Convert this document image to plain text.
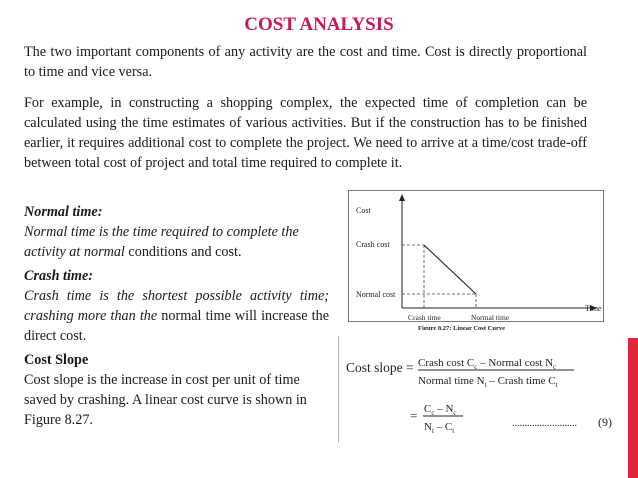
COST ANALYSIS

The two important components of any activity are the cost and time. Cost is directly proportional to time and vice versa.

For example, in constructing a shopping complex, the expected time of completion can be calculated using the time estimates of various activities. But if the construction has to be finished earlier, it requires additional cost to complete the project. We need to arrive at a time/cost trade-off between total cost of project and total time required to complete it.

Normal time:
Normal time is the time required to complete the activity at normal conditions and cost.
Crash time:
Crash time is the shortest possible activity time; crashing more than the normal time will increase the direct cost.
Cost Slope
Cost slope is the increase in cost per unit of time saved by crashing. A linear cost curve is shown in Figure 8.27.
Cost
Crash cost
Normal cost
Time
Crash time	Normal time
Figure 8.27: Linear Cost Curve
Cost slope = Crash cost $C_c$ – Normal cost $N_c$
Normal time $N_t$ – Crash time $C_t$
= $C_c - N_c$
$N_t - C_t$
.......................... (9)
